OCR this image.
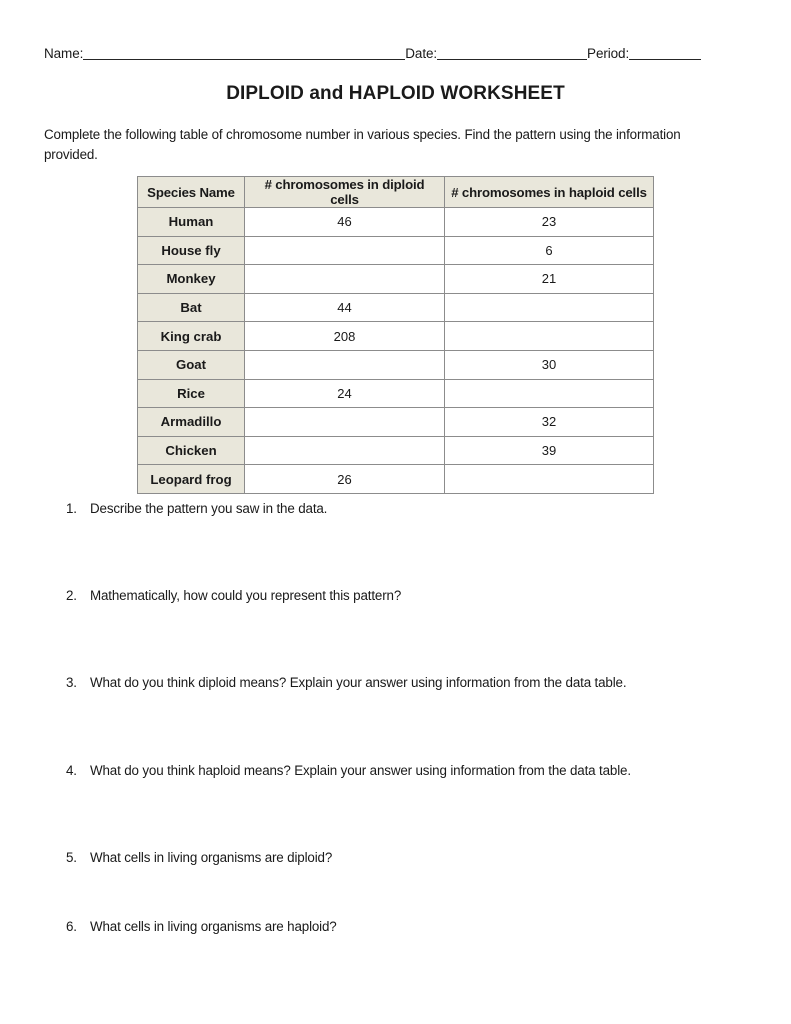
Name:	Date:	Period:
DIPLOID and HAPLOID WORKSHEET
Complete the following table of chromosome number in various species. Find the pattern using the information provided.
Species Name	# chromosomes in diploid cells	# chromosomes in haploid cells
Human	46	23
House fly		6
Monkey		21
Bat	44	
King crab	208	
Goat		30
Rice	24	
Armadillo		32
Chicken		39
Leopard frog	26	
1. Describe the pattern you saw in the data.
2. Mathematically, how could you represent this pattern?
3. What do you think diploid means? Explain your answer using information from the data table.
4. What do you think haploid means? Explain your answer using information from the data table.
5. What cells in living organisms are diploid?
6. What cells in living organisms are haploid?
